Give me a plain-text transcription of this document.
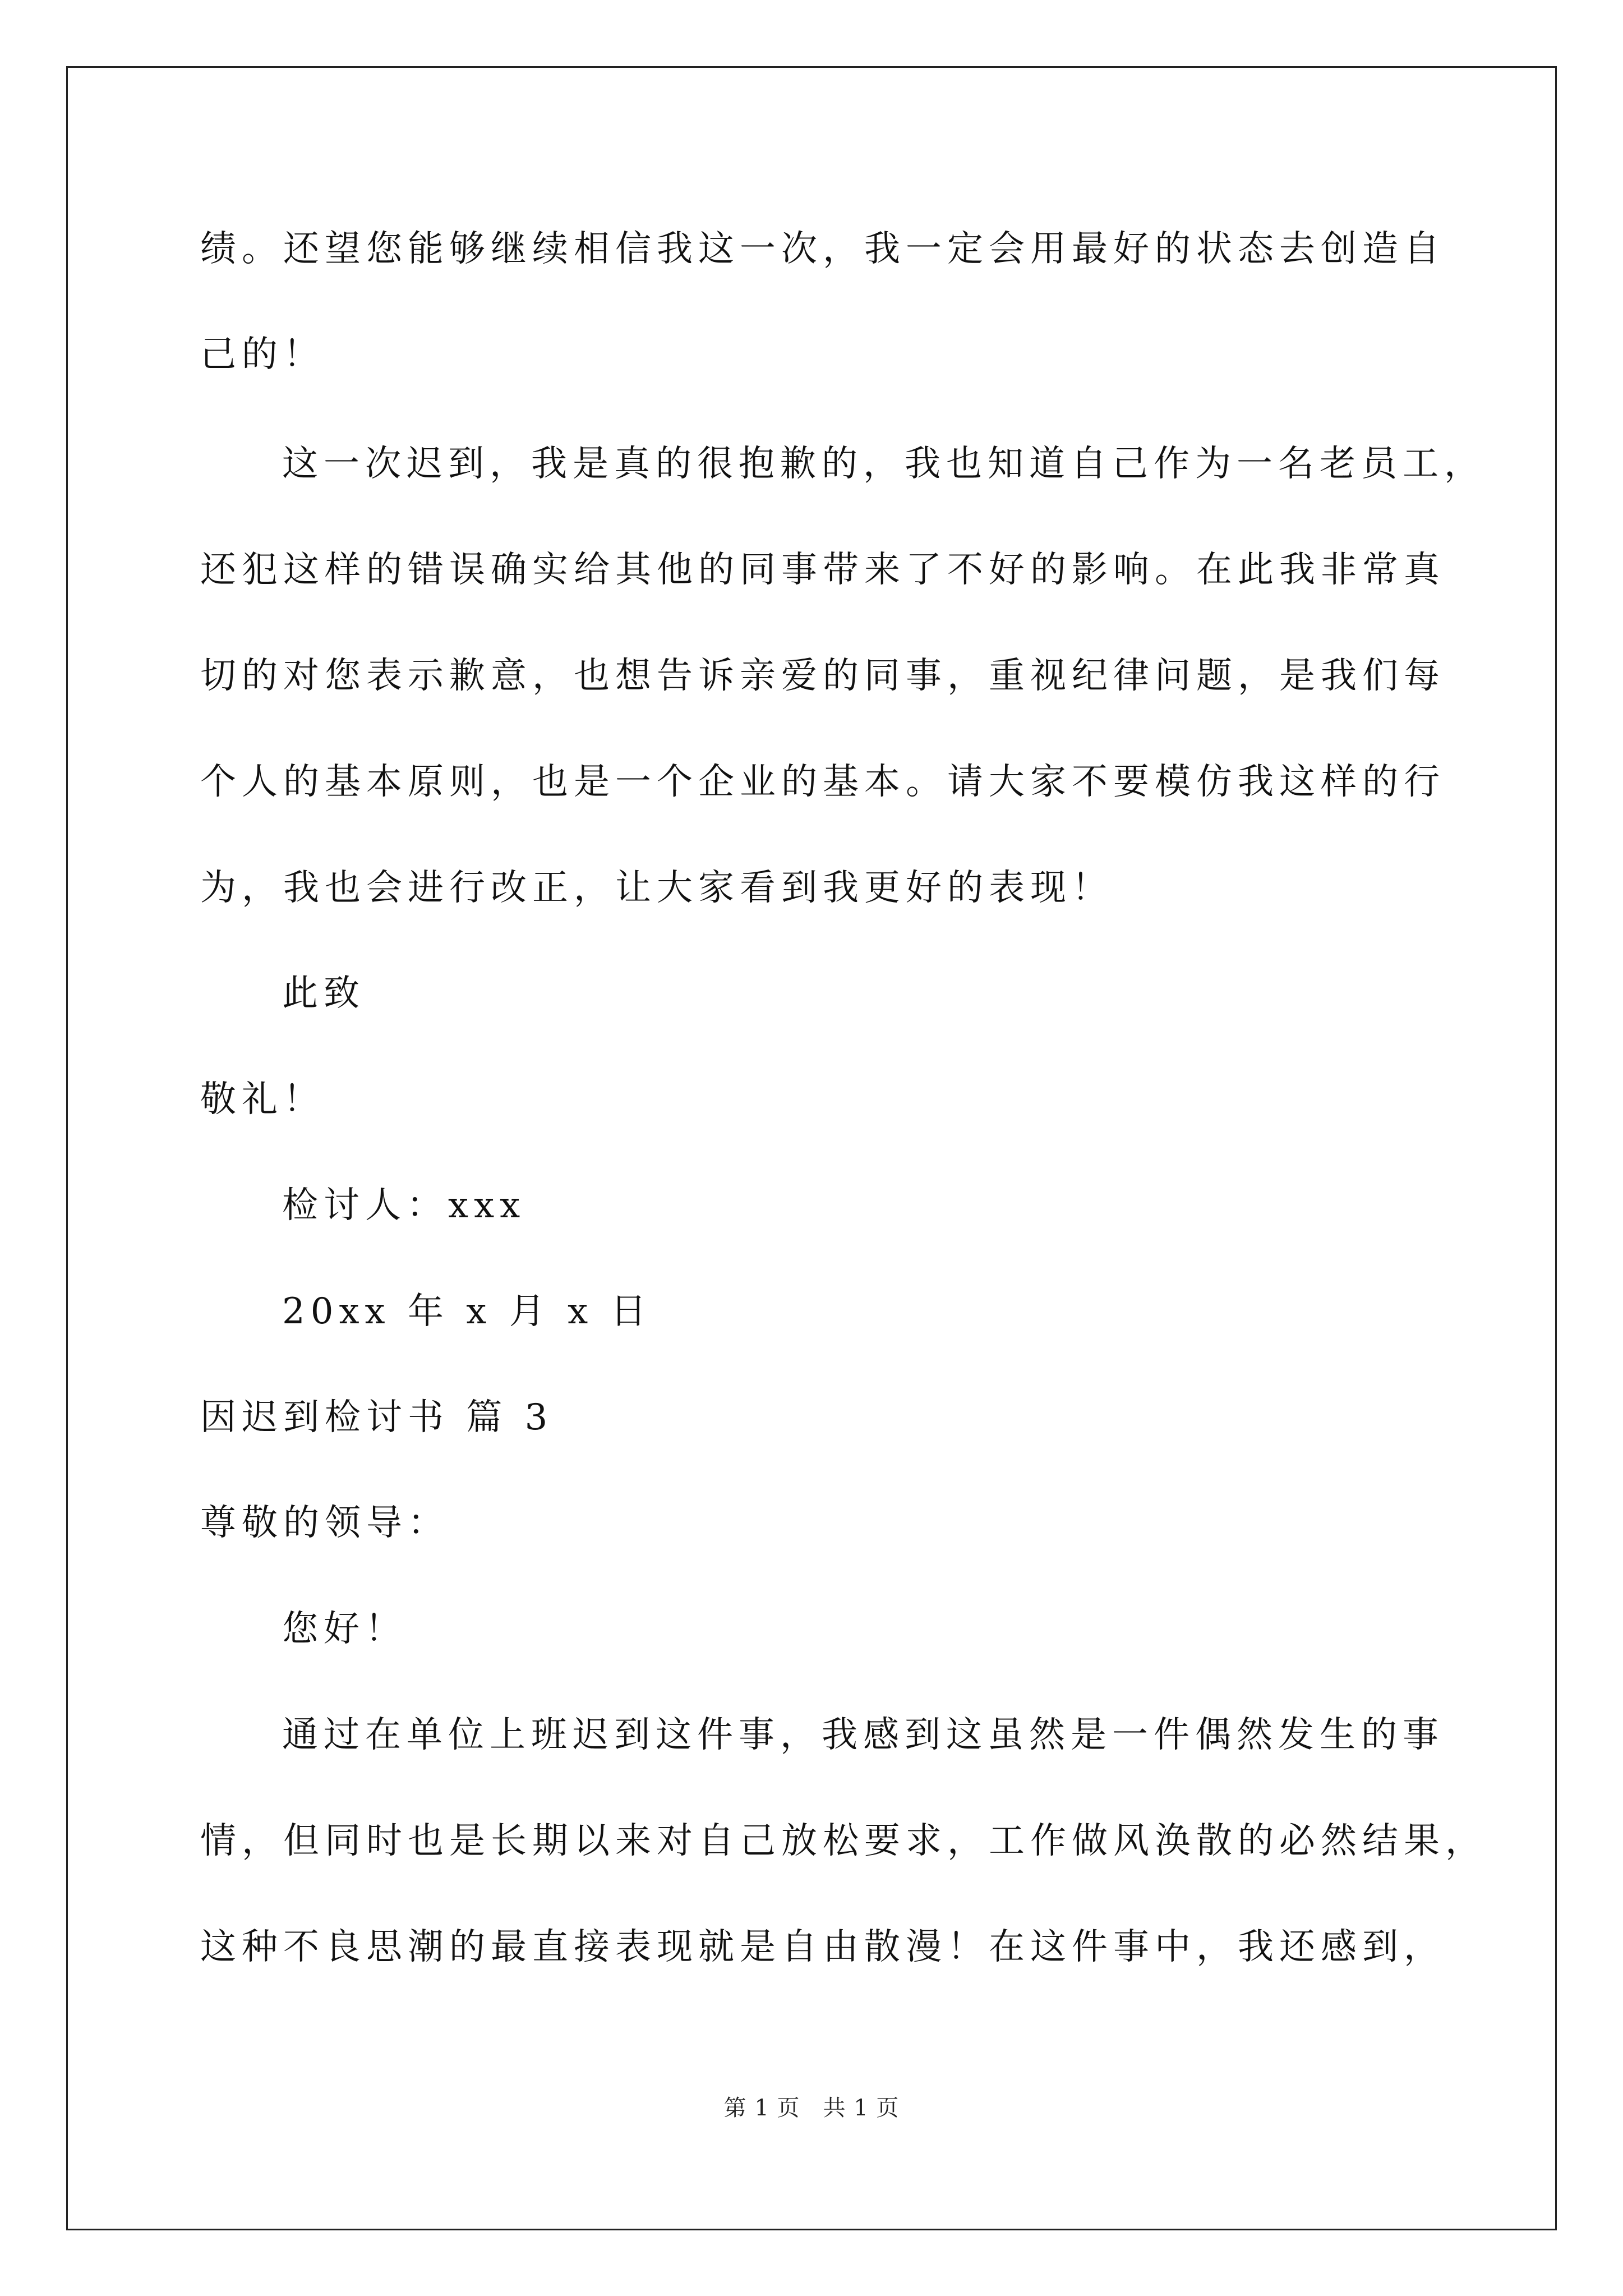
绩。还望您能够继续相信我这一次，我一定会用最好的状态去创造自

己的！

这一次迟到，我是真的很抱歉的，我也知道自己作为一名老员工，

还犯这样的错误确实给其他的同事带来了不好的影响。在此我非常真

切的对您表示歉意，也想告诉亲爱的同事，重视纪律问题，是我们每

个人的基本原则，也是一个企业的基本。请大家不要模仿我这样的行

为，我也会进行改正，让大家看到我更好的表现！

此致

敬礼！

检讨人：xxx

20xx 年 x 月 x 日

因迟到检讨书 篇 3

尊敬的领导：

您好！

通过在单位上班迟到这件事，我感到这虽然是一件偶然发生的事

情，但同时也是长期以来对自己放松要求，工作做风涣散的必然结果，

这种不良思潮的最直接表现就是自由散漫！在这件事中，我还感到，

第 1 页　共 1 页
